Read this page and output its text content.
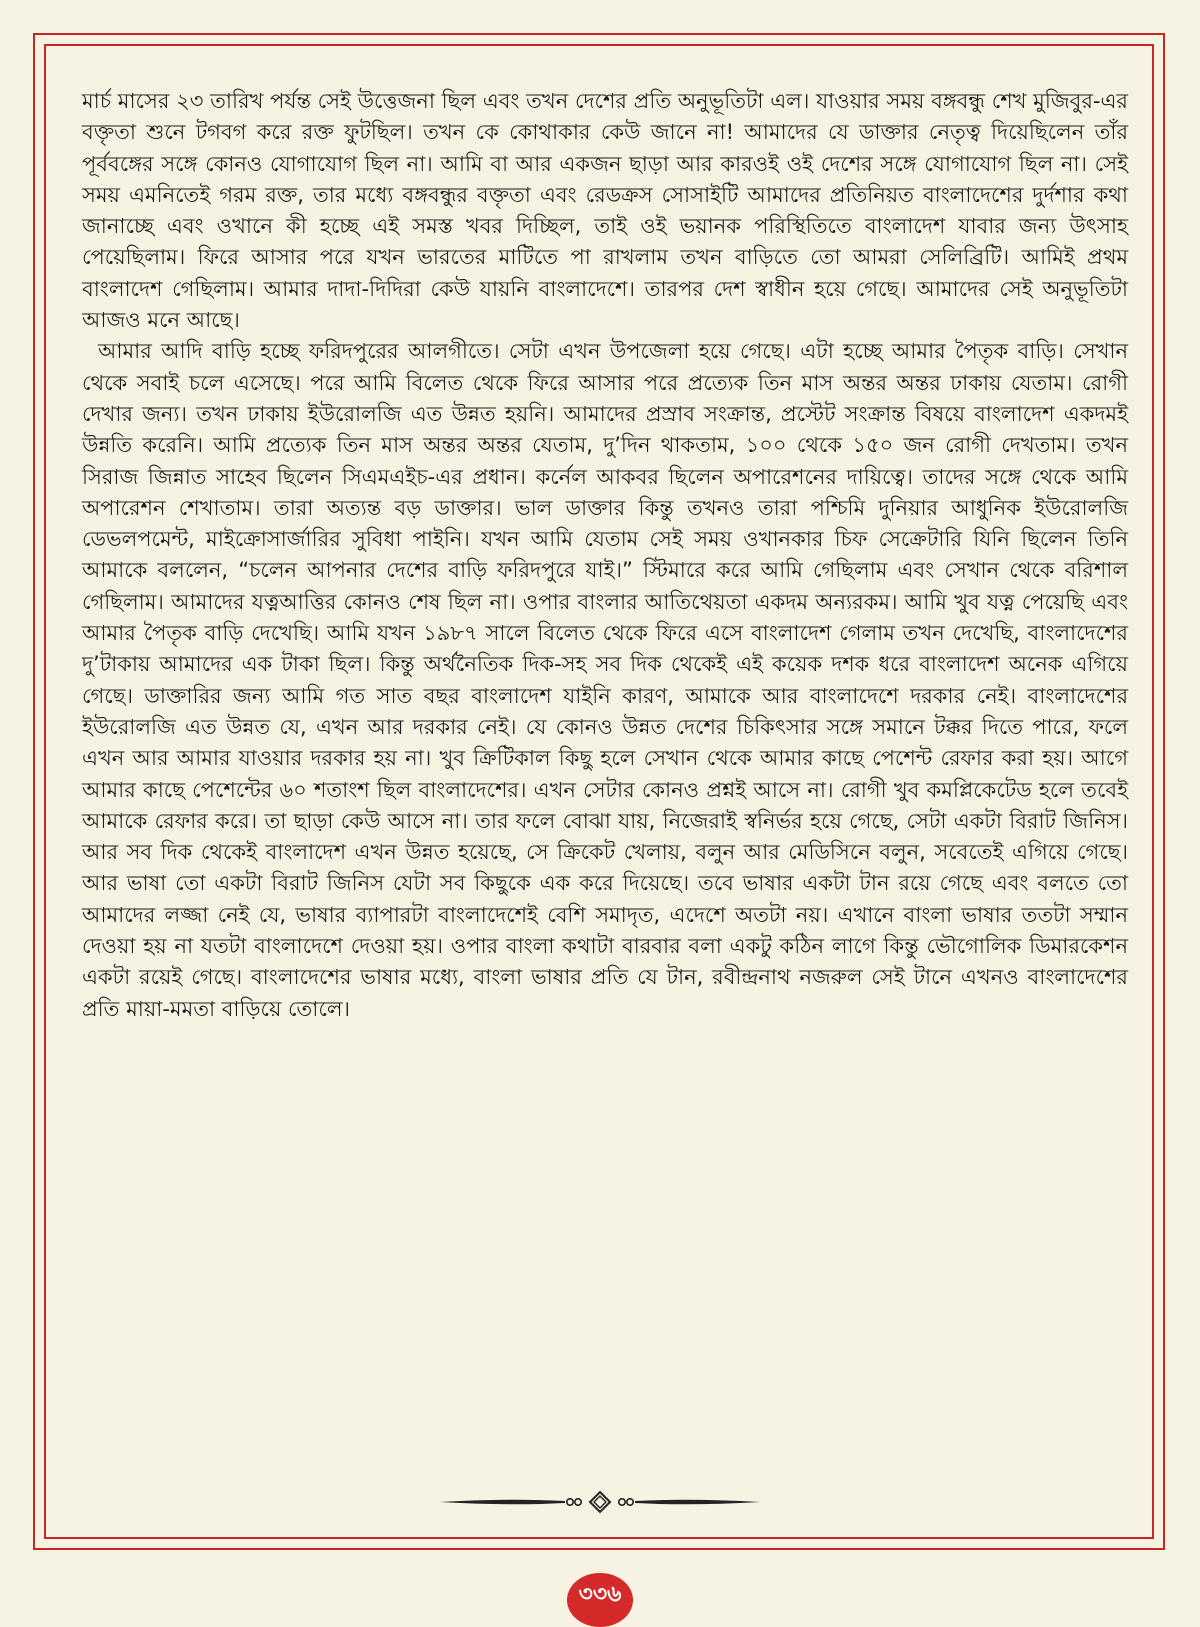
মার্চ মাসের ২৩ তারিখ পর্যন্ত সেই উত্তেজনা ছিল এবং তখন দেশের প্রতি অনুভূতিটা এল। যাওয়ার সময় বঙ্গবন্ধু শেখ মুজিবুর-এর বক্তৃতা শুনে টগবগ করে রক্ত ফুটছিল। তখন কে কোথাকার কেউ জানে না! আমাদের যে ডাক্তার নেতৃত্ব দিয়েছিলেন তাঁর পূর্ববঙ্গের সঙ্গে কোনও যোগাযোগ ছিল না। আমি বা আর একজন ছাড়া আর কারওই ওই দেশের সঙ্গে যোগাযোগ ছিল না। সেই সময় এমনিতেই গরম রক্ত, তার মধ্যে বঙ্গবন্ধুর বক্তৃতা এবং রেডক্রস সোসাইটি আমাদের প্রতিনিয়ত বাংলাদেশের দুর্দশার কথা জানাচ্ছে এবং ওখানে কী হচ্ছে এই সমস্ত খবর দিচ্ছিল, তাই ওই ভয়ানক পরিস্থিতিতে বাংলাদেশ যাবার জন্য উৎসাহ পেয়েছিলাম। ফিরে আসার পরে যখন ভারতের মাটিতে পা রাখলাম তখন বাড়িতে তো আমরা সেলিব্রিটি। আমিই প্রথম বাংলাদেশ গেছিলাম। আমার দাদা-দিদিরা কেউ যায়নি বাংলাদেশে। তারপর দেশ স্বাধীন হয়ে গেছে। আমাদের সেই অনুভূতিটা আজও মনে আছে।

আমার আদি বাড়ি হচ্ছে ফরিদপুরের আলগীতে। সেটা এখন উপজেলা হয়ে গেছে। এটা হচ্ছে আমার পৈতৃক বাড়ি। সেখান থেকে সবাই চলে এসেছে। পরে আমি বিলেত থেকে ফিরে আসার পরে প্রত্যেক তিন মাস অন্তর অন্তর ঢাকায় যেতাম। রোগী দেখার জন্য। তখন ঢাকায় ইউরোলজি এত উন্নত হয়নি। আমাদের প্রস্রাব সংক্রান্ত, প্রস্টেট সংক্রান্ত বিষয়ে বাংলাদেশ একদমই উন্নতি করেনি। আমি প্রত্যেক তিন মাস অন্তর অন্তর যেতাম, দু’দিন থাকতাম, ১০০ থেকে ১৫০ জন রোগী দেখতাম। তখন সিরাজ জিন্নাত সাহেব ছিলেন সিএমএইচ-এর প্রধান। কর্নেল আকবর ছিলেন অপারেশনের দায়িত্বে। তাদের সঙ্গে থেকে আমি অপারেশন শেখাতাম। তারা অত্যন্ত বড় ডাক্তার। ভাল ডাক্তার কিন্তু তখনও তারা পশ্চিমি দুনিয়ার আধুনিক ইউরোলজি ডেভলপমেন্ট, মাইক্রোসার্জারির সুবিধা পাইনি। যখন আমি যেতাম সেই সময় ওখানকার চিফ সেক্রেটারি যিনি ছিলেন তিনি আমাকে বললেন, “চলেন আপনার দেশের বাড়ি ফরিদপুরে যাই।” স্টিমারে করে আমি গেছিলাম এবং সেখান থেকে বরিশাল গেছিলাম। আমাদের যত্নআত্তির কোনও শেষ ছিল না। ওপার বাংলার আতিথেয়তা একদম অন্যরকম। আমি খুব যত্ন পেয়েছি এবং আমার পৈতৃক বাড়ি দেখেছি। আমি যখন ১৯৮৭ সালে বিলেত থেকে ফিরে এসে বাংলাদেশ গেলাম তখন দেখেছি, বাংলাদেশের দু’টাকায় আমাদের এক টাকা ছিল। কিন্তু অর্থনৈতিক দিক-সহ সব দিক থেকেই এই কয়েক দশক ধরে বাংলাদেশ অনেক এগিয়ে গেছে। ডাক্তারির জন্য আমি গত সাত বছর বাংলাদেশ যাইনি কারণ, আমাকে আর বাংলাদেশে দরকার নেই। বাংলাদেশের ইউরোলজি এত উন্নত যে, এখন আর দরকার নেই। যে কোনও উন্নত দেশের চিকিৎসার সঙ্গে সমানে টক্কর দিতে পারে, ফলে এখন আর আমার যাওয়ার দরকার হয় না। খুব ক্রিটিকাল কিছু হলে সেখান থেকে আমার কাছে পেশেন্ট রেফার করা হয়। আগে আমার কাছে পেশেন্টের ৬০ শতাংশ ছিল বাংলাদেশের। এখন সেটার কোনও প্রশ্নই আসে না। রোগী খুব কমপ্লিকেটেড হলে তবেই আমাকে রেফার করে। তা ছাড়া কেউ আসে না। তার ফলে বোঝা যায়, নিজেরাই স্বনির্ভর হয়ে গেছে, সেটা একটা বিরাট জিনিস। আর সব দিক থেকেই বাংলাদেশ এখন উন্নত হয়েছে, সে ক্রিকেট খেলায়, বলুন আর মেডিসিনে বলুন, সবেতেই এগিয়ে গেছে। আর ভাষা তো একটা বিরাট জিনিস যেটা সব কিছুকে এক করে দিয়েছে। তবে ভাষার একটা টান রয়ে গেছে এবং বলতে তো আমাদের লজ্জা নেই যে, ভাষার ব্যাপারটা বাংলাদেশেই বেশি সমাদৃত, এদেশে অতটা নয়। এখানে বাংলা ভাষার ততটা সম্মান দেওয়া হয় না যতটা বাংলাদেশে দেওয়া হয়। ওপার বাংলা কথাটা বারবার বলা একটু কঠিন লাগে কিন্তু ভৌগোলিক ডিমারকেশন একটা রয়েই গেছে। বাংলাদেশের ভাষার মধ্যে, বাংলা ভাষার প্রতি যে টান, রবীন্দ্রনাথ নজরুল সেই টানে এখনও বাংলাদেশের প্রতি মায়া-মমতা বাড়িয়ে তোলে।

৩৩৬
